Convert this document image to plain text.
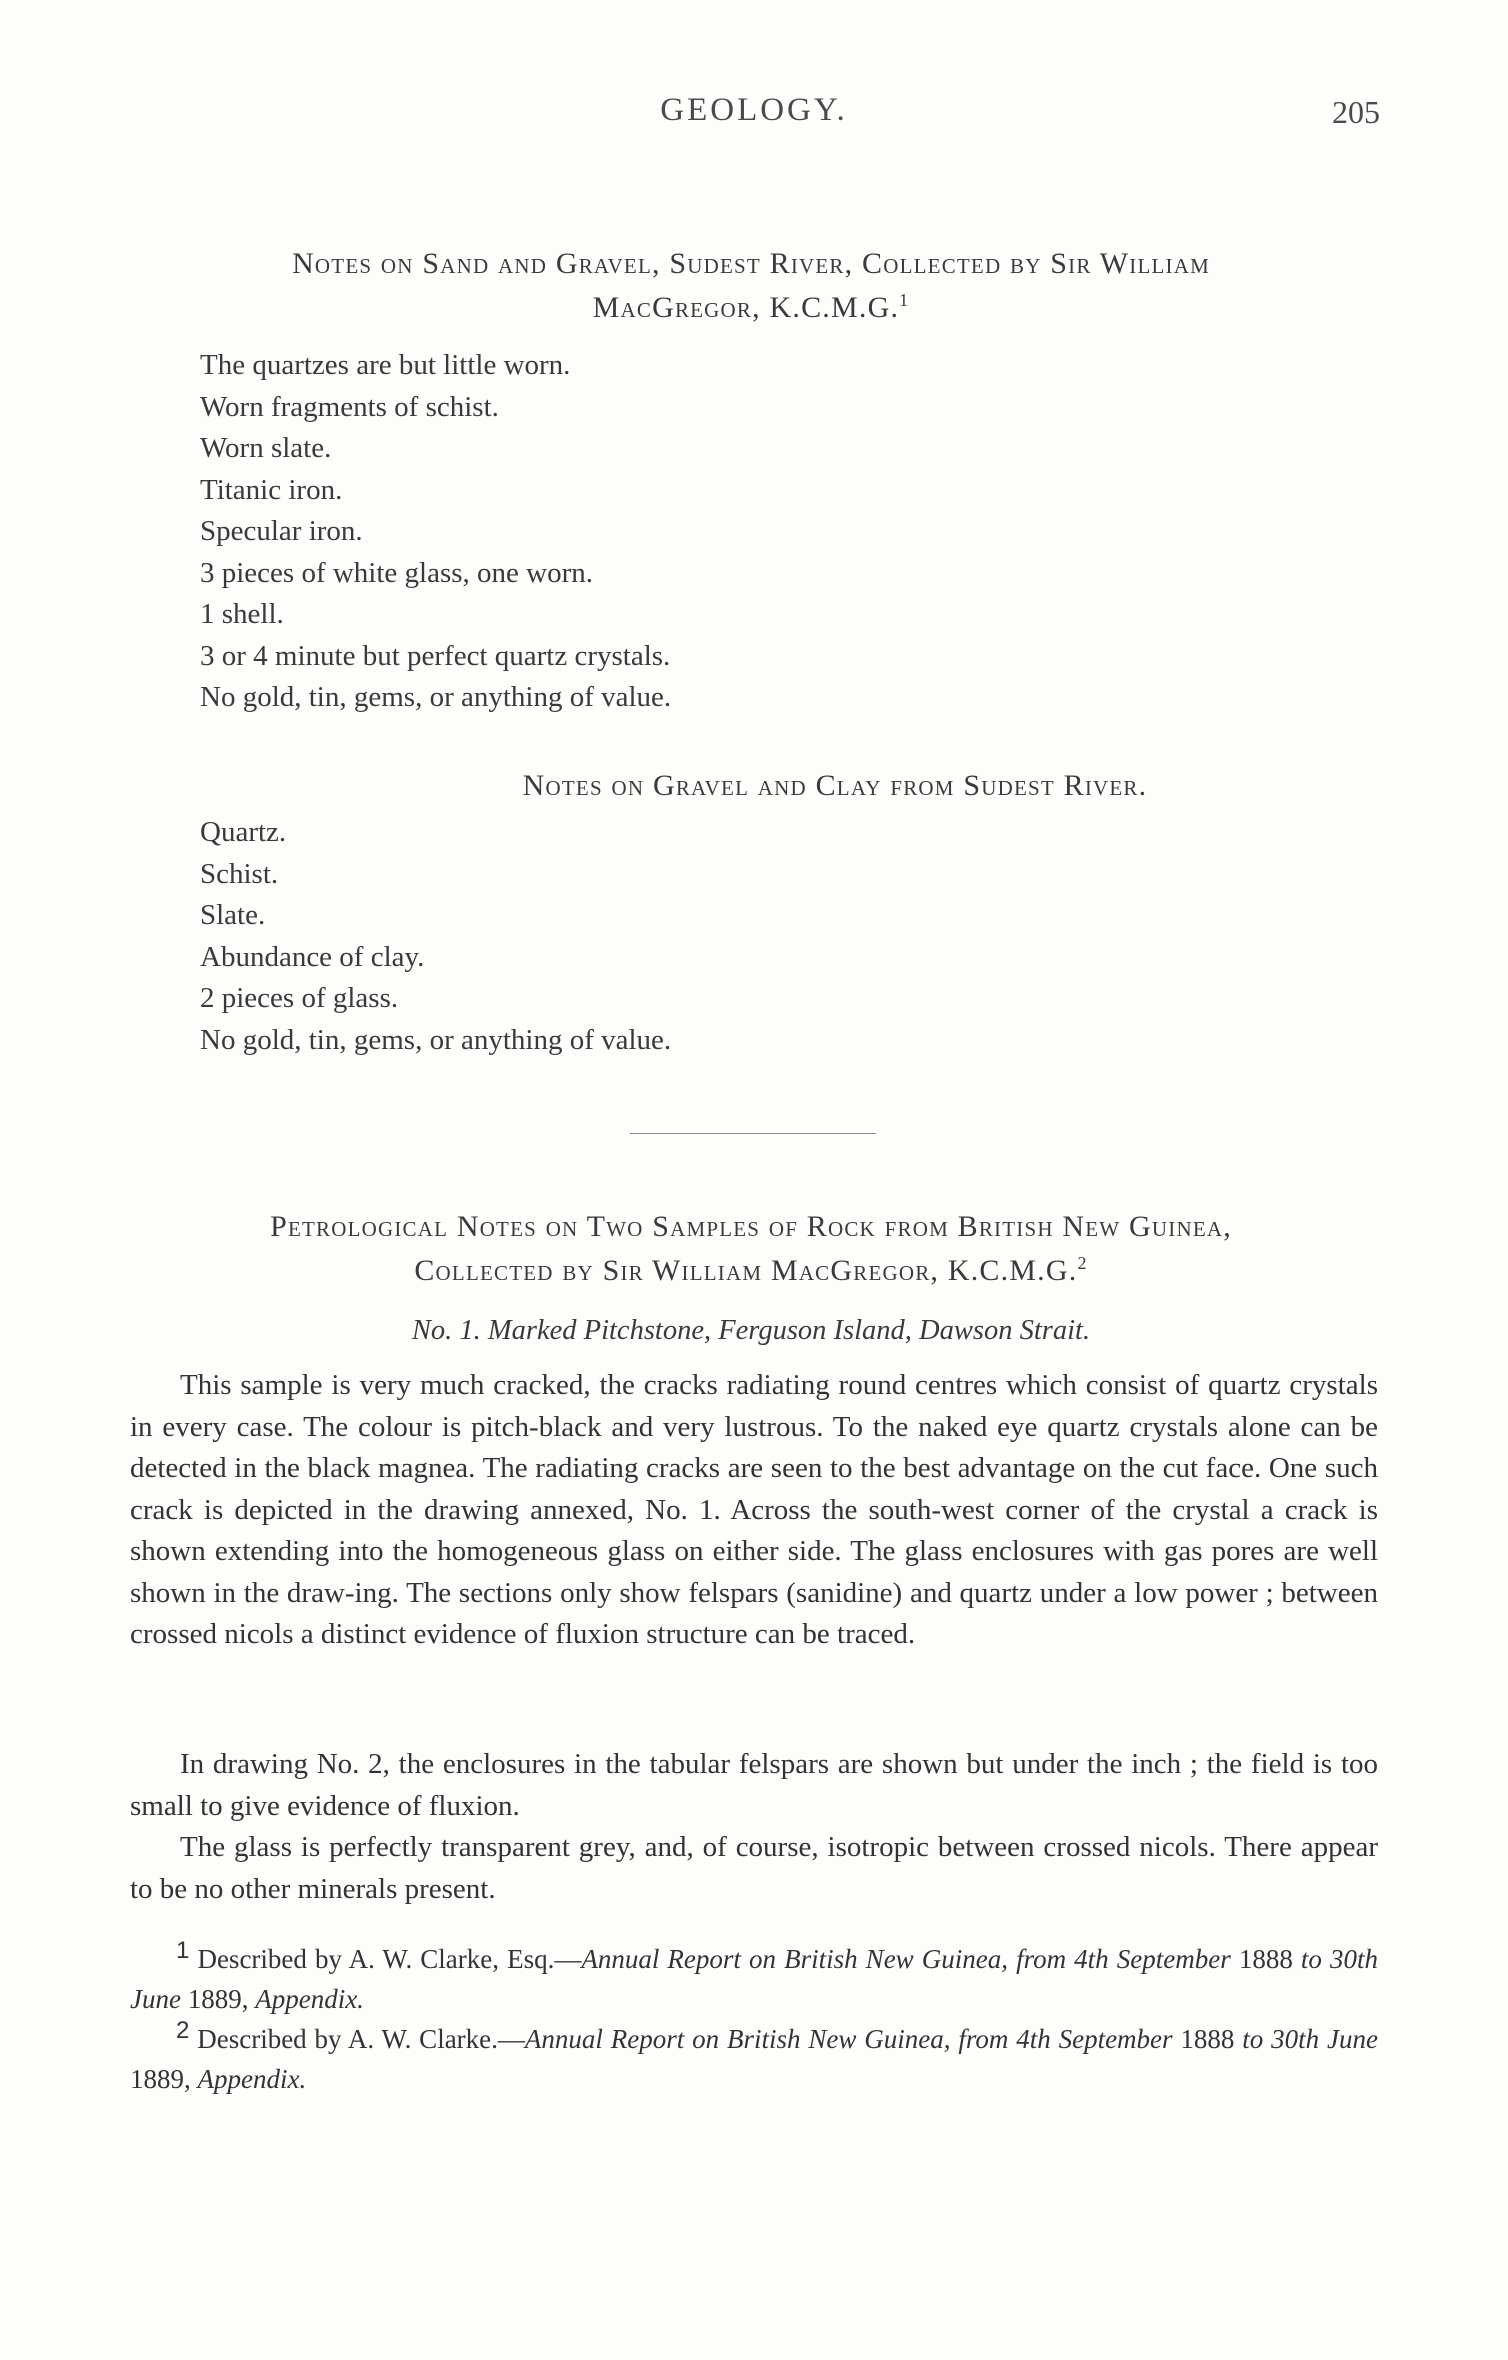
GEOLOGY.	205
Notes on Sand and Gravel, Sudest River, Collected by Sir William
MacGregor, K.C.M.G.$^1$
The quartzes are but little worn.
Worn fragments of schist.
Worn slate.
Titanic iron.
Specular iron.
3 pieces of white glass, one worn.
1 shell.
3 or 4 minute but perfect quartz crystals.
No gold, tin, gems, or anything of value.
Notes on Gravel and Clay from Sudest River.
Quartz.
Schist.
Slate.
Abundance of clay.
2 pieces of glass.
No gold, tin, gems, or anything of value.
Petrological Notes on Two Samples of Rock from British New Guinea,
Collected by Sir William MacGregor, K.C.M.G.$^2$
No. 1. Marked Pitchstone, Ferguson Island, Dawson Strait.

This sample is very much cracked, the cracks radiating round centres which consist of quartz crystals in every case. The colour is pitch-black and very lustrous. To the naked eye quartz crystals alone can be detected in the black magnea. The radiating cracks are seen to the best advantage on the cut face. One such crack is depicted in the drawing annexed, No. 1. Across the south-west corner of the crystal a crack is shown extending into the homogeneous glass on either side. The glass enclosures with gas pores are well shown in the draw-ing. The sections only show felspars (sanidine) and quartz under a low power ; between crossed nicols a distinct evidence of fluxion structure can be traced.

In drawing No. 2, the enclosures in the tabular felspars are shown but under the inch ; the field is too small to give evidence of fluxion.

The glass is perfectly transparent grey, and, of course, isotropic between crossed nicols. There appear to be no other minerals present.

$^1$ Described by A. W. Clarke, Esq.—Annual Report on British New Guinea, from 4th September 1888 to 30th June 1889, Appendix.

$^2$ Described by A. W. Clarke.—Annual Report on British New Guinea, from 4th September 1888 to 30th June 1889, Appendix.
